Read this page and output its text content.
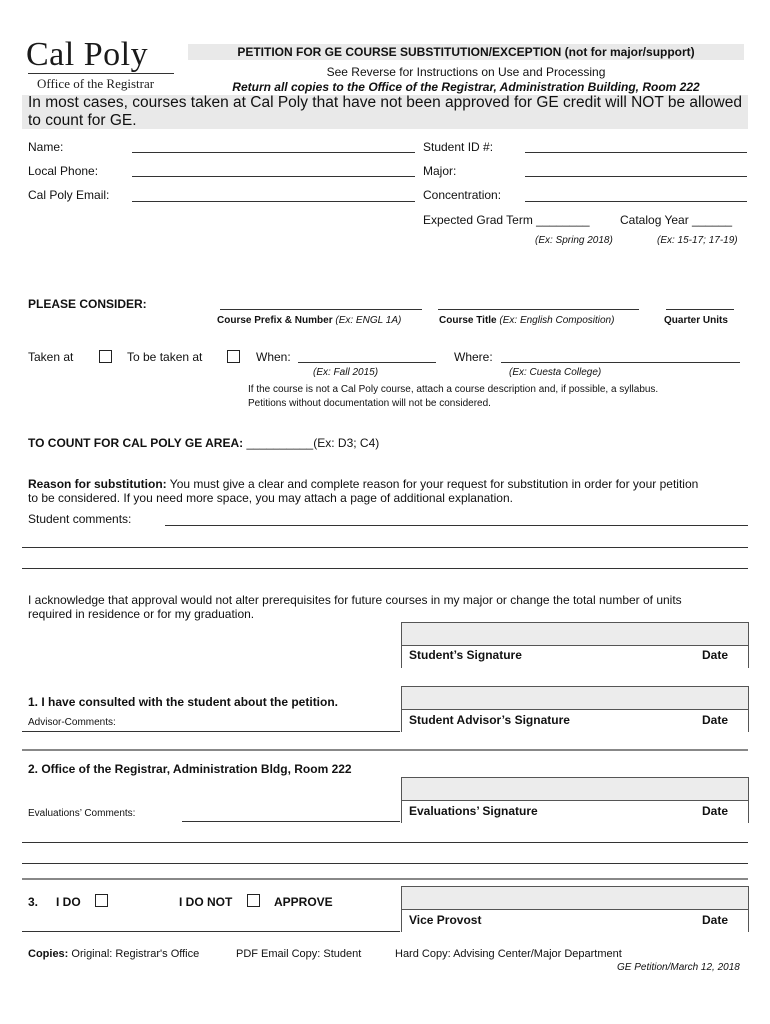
Cal Poly
Office of the Registrar
PETITION FOR GE COURSE SUBSTITUTION/EXCEPTION (not for major/support)
See Reverse for Instructions on Use and Processing
Return all copies to the Office of the Registrar, Administration Building, Room 222
In most cases, courses taken at Cal Poly that have not been approved for GE credit will NOT be allowed to count for GE.
Name:
Local Phone:
Cal Poly Email:
Student ID #:
Major:
Concentration:
Expected Grad Term ________	Catalog Year ______
(Ex: Spring 2018)	(Ex: 15-17; 17-19)
PLEASE CONSIDER:
Course Prefix & Number (Ex: ENGL 1A)	Course Title (Ex: English Composition)	Quarter Units
Taken at	To be taken at	When:	Where:
(Ex: Fall 2015)	(Ex: Cuesta College)
If the course is not a Cal Poly course, attach a course description and, if possible, a syllabus.
Petitions without documentation will not be considered.
TO COUNT FOR CAL POLY GE AREA: __________(Ex: D3; C4)
Reason for substitution: You must give a clear and complete reason for your request for substitution in order for your petition
to be considered. If you need more space, you may attach a page of additional explanation.
Student comments:
I acknowledge that approval would not alter prerequisites for future courses in my major or change the total number of units
required in residence or for my graduation.
Student’s Signature	Date
1. I have consulted with the student about the petition.
Advisor-Comments:	Student Advisor’s Signature	Date
2. Office of the Registrar, Administration Bldg, Room 222
Evaluations’ Comments:	Evaluations’ Signature	Date
3. I DO	I DO NOT	APPROVE
Vice Provost	Date
Copies: Original: Registrar's Office	PDF Email Copy: Student	Hard Copy: Advising Center/Major Department
GE Petition/March 12, 2018
